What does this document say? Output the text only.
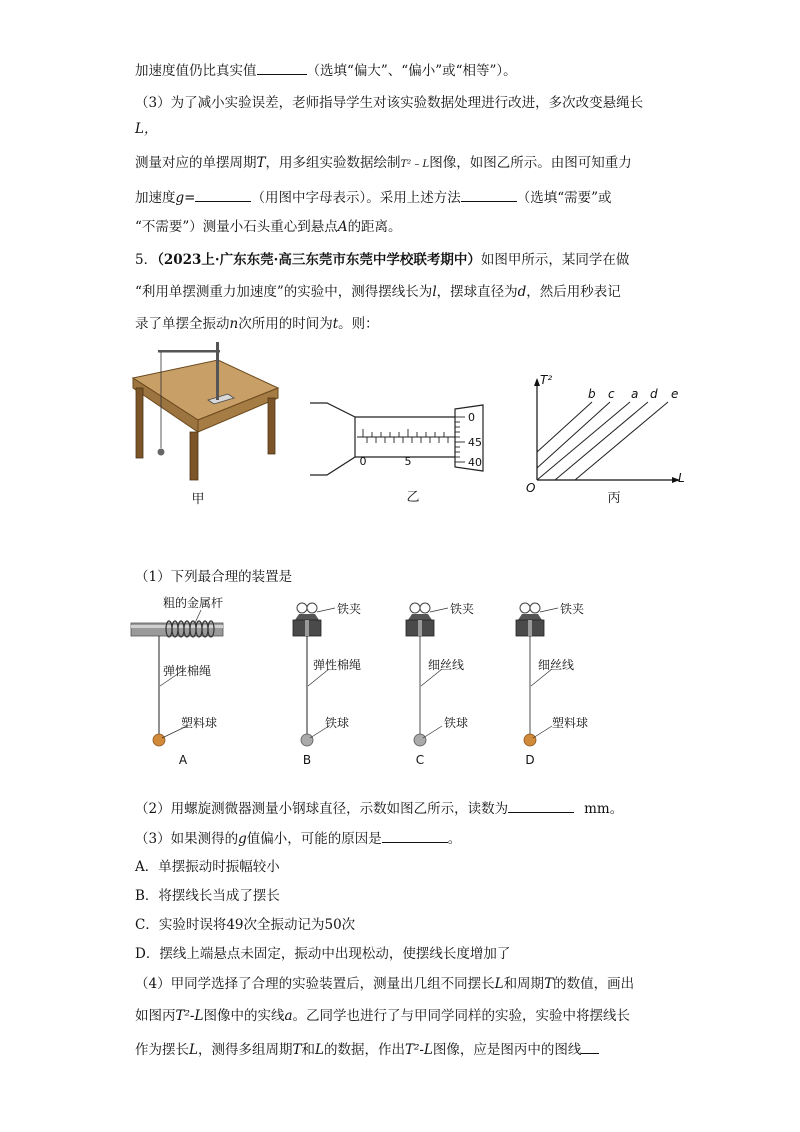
加速度值仍比真实值	（选填“偏大”、“偏小”或“相等”）。
（3）为了减小实验误差，老师指导学生对该实验数据处理进行改进，多次改变悬绳长
L，
测量对应的单摆周期T，用多组实验数据绘制T² – L图像，如图乙所示。由图可知重力
加速度g=	（用图中字母表示）。采用上述方法	（选填“需要”或
“不需要”）测量小石头重心到悬点A的距离。
5．（2023上·广东东莞·高三东莞市东莞中学校联考期中）如图甲所示，某同学在做
“利用单摆测重力加速度”的实验中，测得摆线长为l，摆球直径为d，然后用秒表记
录了单摆全振动n次所用的时间为t。则：
甲
0	5
0
45
40
乙
T²
L
O
b c a d e
丙
（1）下列最合理的装置是
粗的金属杆
弹性棉绳
塑料球
A
铁夹
弹性棉绳
铁球
B
铁夹
细丝线
铁球
C
铁夹
细丝线
塑料球
D
（2）用螺旋测微器测量小钢球直径，示数如图乙所示，读数为	mm。
（3）如果测得的g值偏小，可能的原因是	。
A．单摆振动时振幅较小
B．将摆线长当成了摆长
C．实验时误将49次全振动记为50次
D．摆线上端悬点未固定，振动中出现松动，使摆线长度增加了
（4）甲同学选择了合理的实验装置后，测量出几组不同摆长L和周期T的数值，画出
如图丙T²-L图像中的实线a。乙同学也进行了与甲同学同样的实验，实验中将摆线长
作为摆长L，测得多组周期T和L的数据，作出T²-L图像，应是图丙中的图线
